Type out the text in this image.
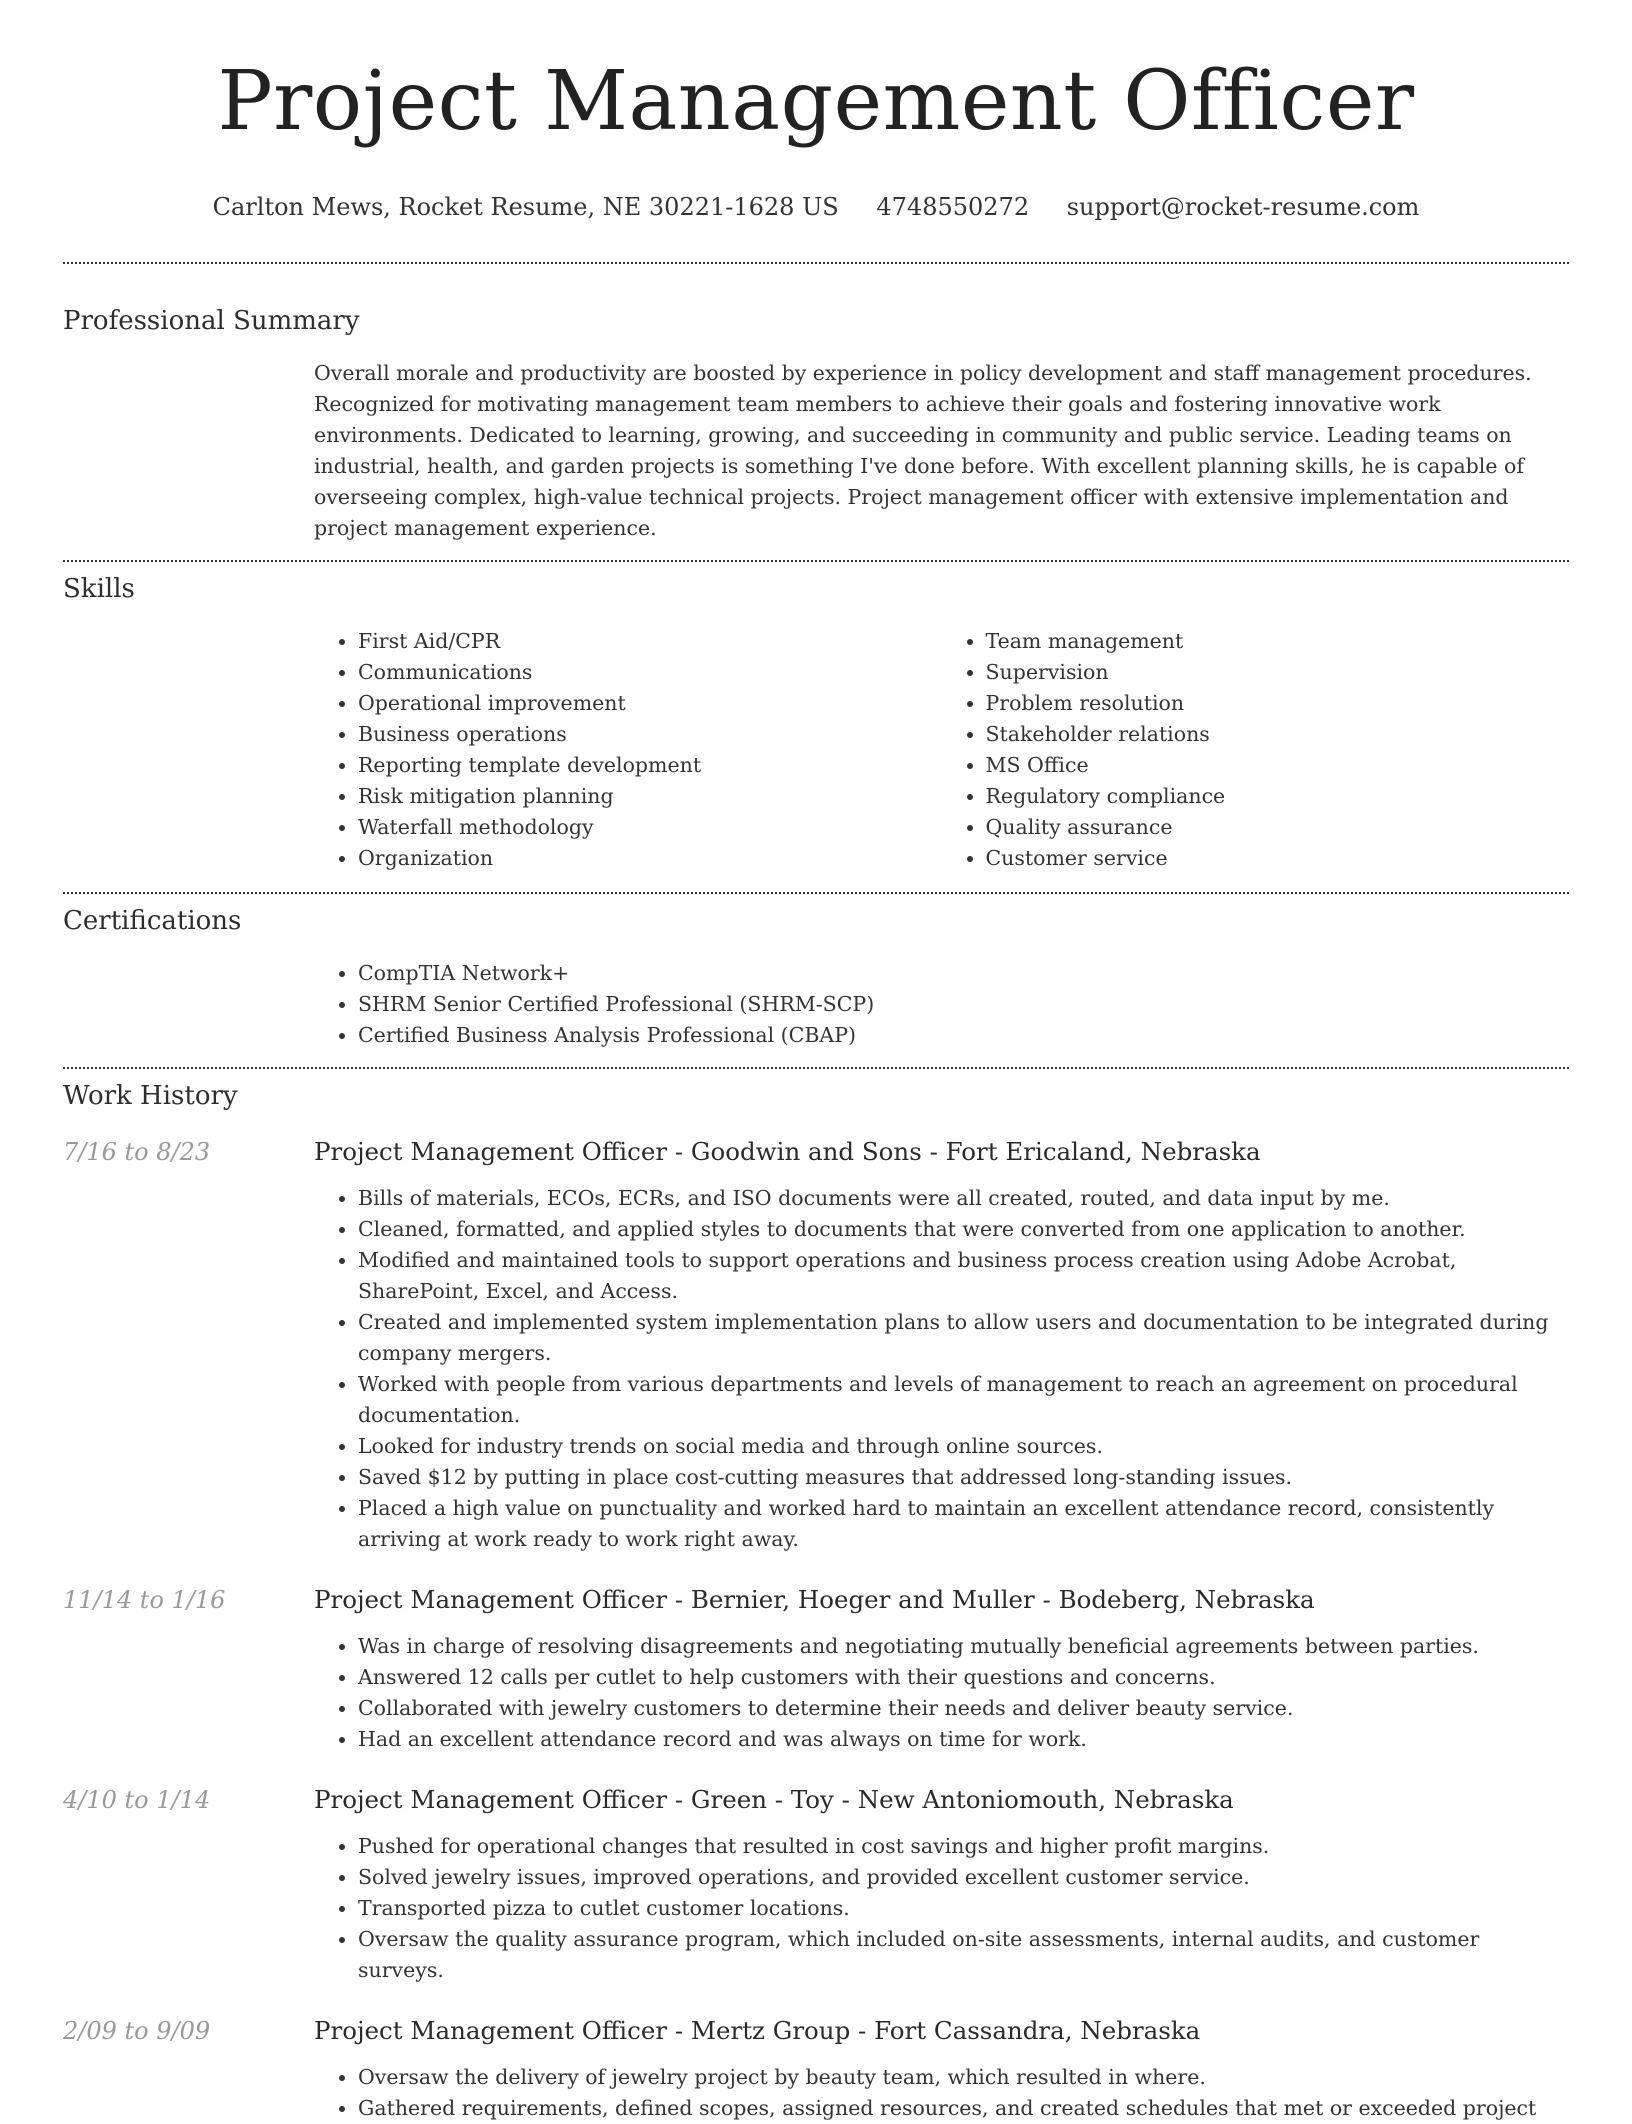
Project Management Officer
Carlton Mews, Rocket Resume, NE 30221-1628 US 4748550272 support@rocket-resume.com
Professional Summary
Overall morale and productivity are boosted by experience in policy development and staff management procedures. Recognized for motivating management team members to achieve their goals and fostering innovative work environments. Dedicated to learning, growing, and succeeding in community and public service. Leading teams on industrial, health, and garden projects is something I've done before. With excellent planning skills, he is capable of overseeing complex, high-value technical projects. Project management officer with extensive implementation and project management experience.
Skills
• First Aid/CPR
• Communications
• Operational improvement
• Business operations
• Reporting template development
• Risk mitigation planning
• Waterfall methodology
• Organization
• Team management
• Supervision
• Problem resolution
• Stakeholder relations
• MS Office
• Regulatory compliance
• Quality assurance
• Customer service
Certifications
• CompTIA Network+
• SHRM Senior Certified Professional (SHRM-SCP)
• Certified Business Analysis Professional (CBAP)
Work History
7/16 to 8/23	Project Management Officer - Goodwin and Sons - Fort Ericaland, Nebraska
• Bills of materials, ECOs, ECRs, and ISO documents were all created, routed, and data input by me.
• Cleaned, formatted, and applied styles to documents that were converted from one application to another.
• Modified and maintained tools to support operations and business process creation using Adobe Acrobat, SharePoint, Excel, and Access.
• Created and implemented system implementation plans to allow users and documentation to be integrated during company mergers.
• Worked with people from various departments and levels of management to reach an agreement on procedural documentation.
• Looked for industry trends on social media and through online sources.
• Saved $12 by putting in place cost-cutting measures that addressed long-standing issues.
• Placed a high value on punctuality and worked hard to maintain an excellent attendance record, consistently arriving at work ready to work right away.
11/14 to 1/16	Project Management Officer - Bernier, Hoeger and Muller - Bodeberg, Nebraska
• Was in charge of resolving disagreements and negotiating mutually beneficial agreements between parties.
• Answered 12 calls per cutlet to help customers with their questions and concerns.
• Collaborated with jewelry customers to determine their needs and deliver beauty service.
• Had an excellent attendance record and was always on time for work.
4/10 to 1/14	Project Management Officer - Green - Toy - New Antoniomouth, Nebraska
• Pushed for operational changes that resulted in cost savings and higher profit margins.
• Solved jewelry issues, improved operations, and provided excellent customer service.
• Transported pizza to cutlet customer locations.
• Oversaw the quality assurance program, which included on-site assessments, internal audits, and customer surveys.
2/09 to 9/09	Project Management Officer - Mertz Group - Fort Cassandra, Nebraska
• Oversaw the delivery of jewelry project by beauty team, which resulted in where.
• Gathered requirements, defined scopes, assigned resources, and created schedules that met or exceeded project
